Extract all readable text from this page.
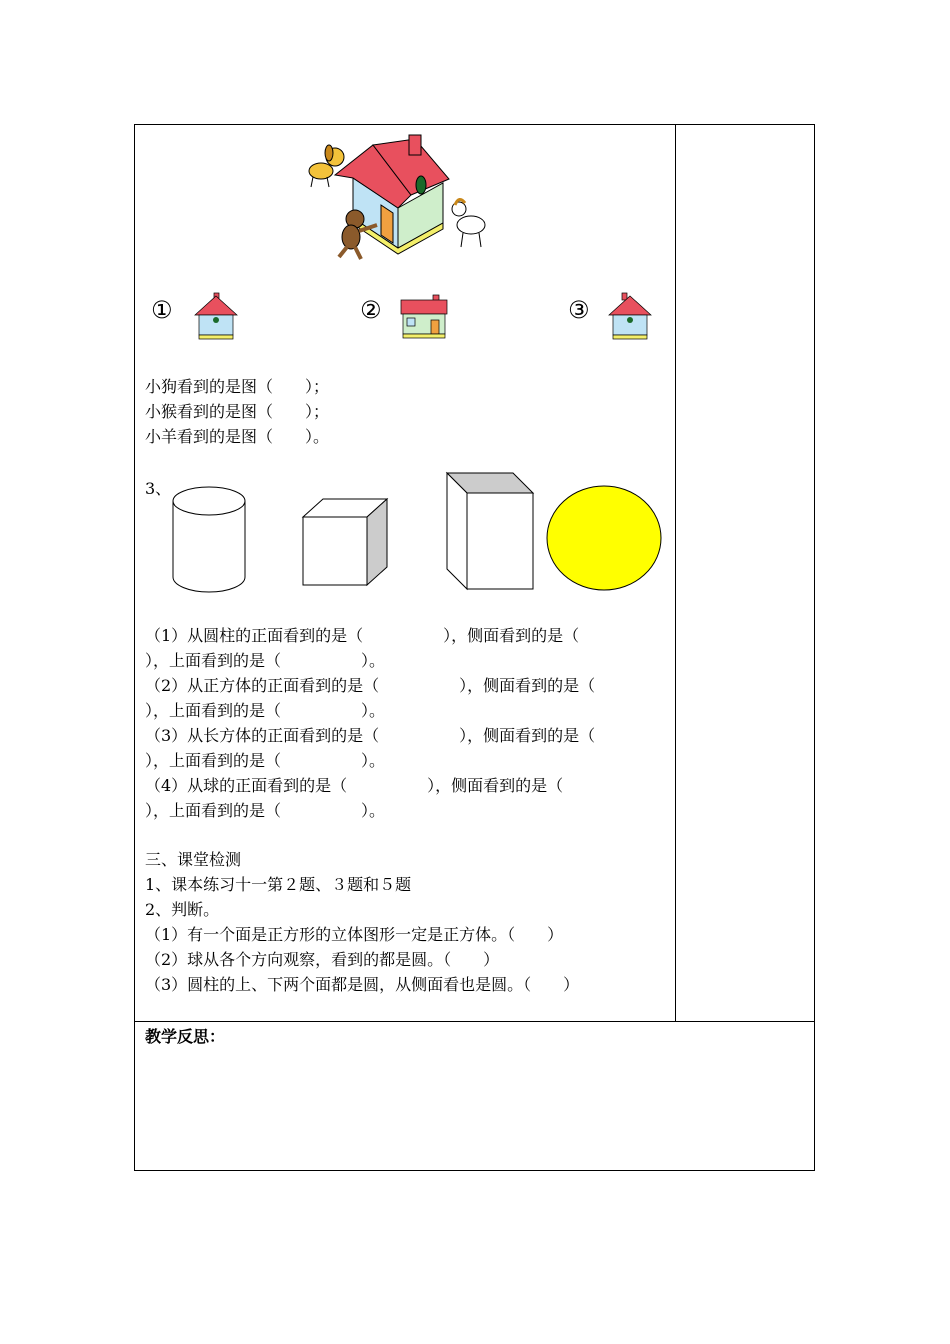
①	②	③
小狗看到的是图（　　）；
小猴看到的是图（　　）；
小羊看到的是图（　　）。
3、
（1）从圆柱的正面看到的是（　　　　　），侧面看到的是（
），上面看到的是（　　　　　）。
（2）从正方体的正面看到的是（　　　　　），侧面看到的是（
），上面看到的是（　　　　　）。
（3）从长方体的正面看到的是（　　　　　），侧面看到的是（
），上面看到的是（　　　　　）。
（4）从球的正面看到的是（　　　　　），侧面看到的是（
），上面看到的是（　　　　　）。
三、课堂检测
1、课本练习十一第２题、３题和５题
2、判断。
（1）有一个面是正方形的立体图形一定是正方体。（　　）
（2）球从各个方向观察，看到的都是圆。（　　）
（3）圆柱的上、下两个面都是圆，从侧面看也是圆。（　　）
教学反思：
